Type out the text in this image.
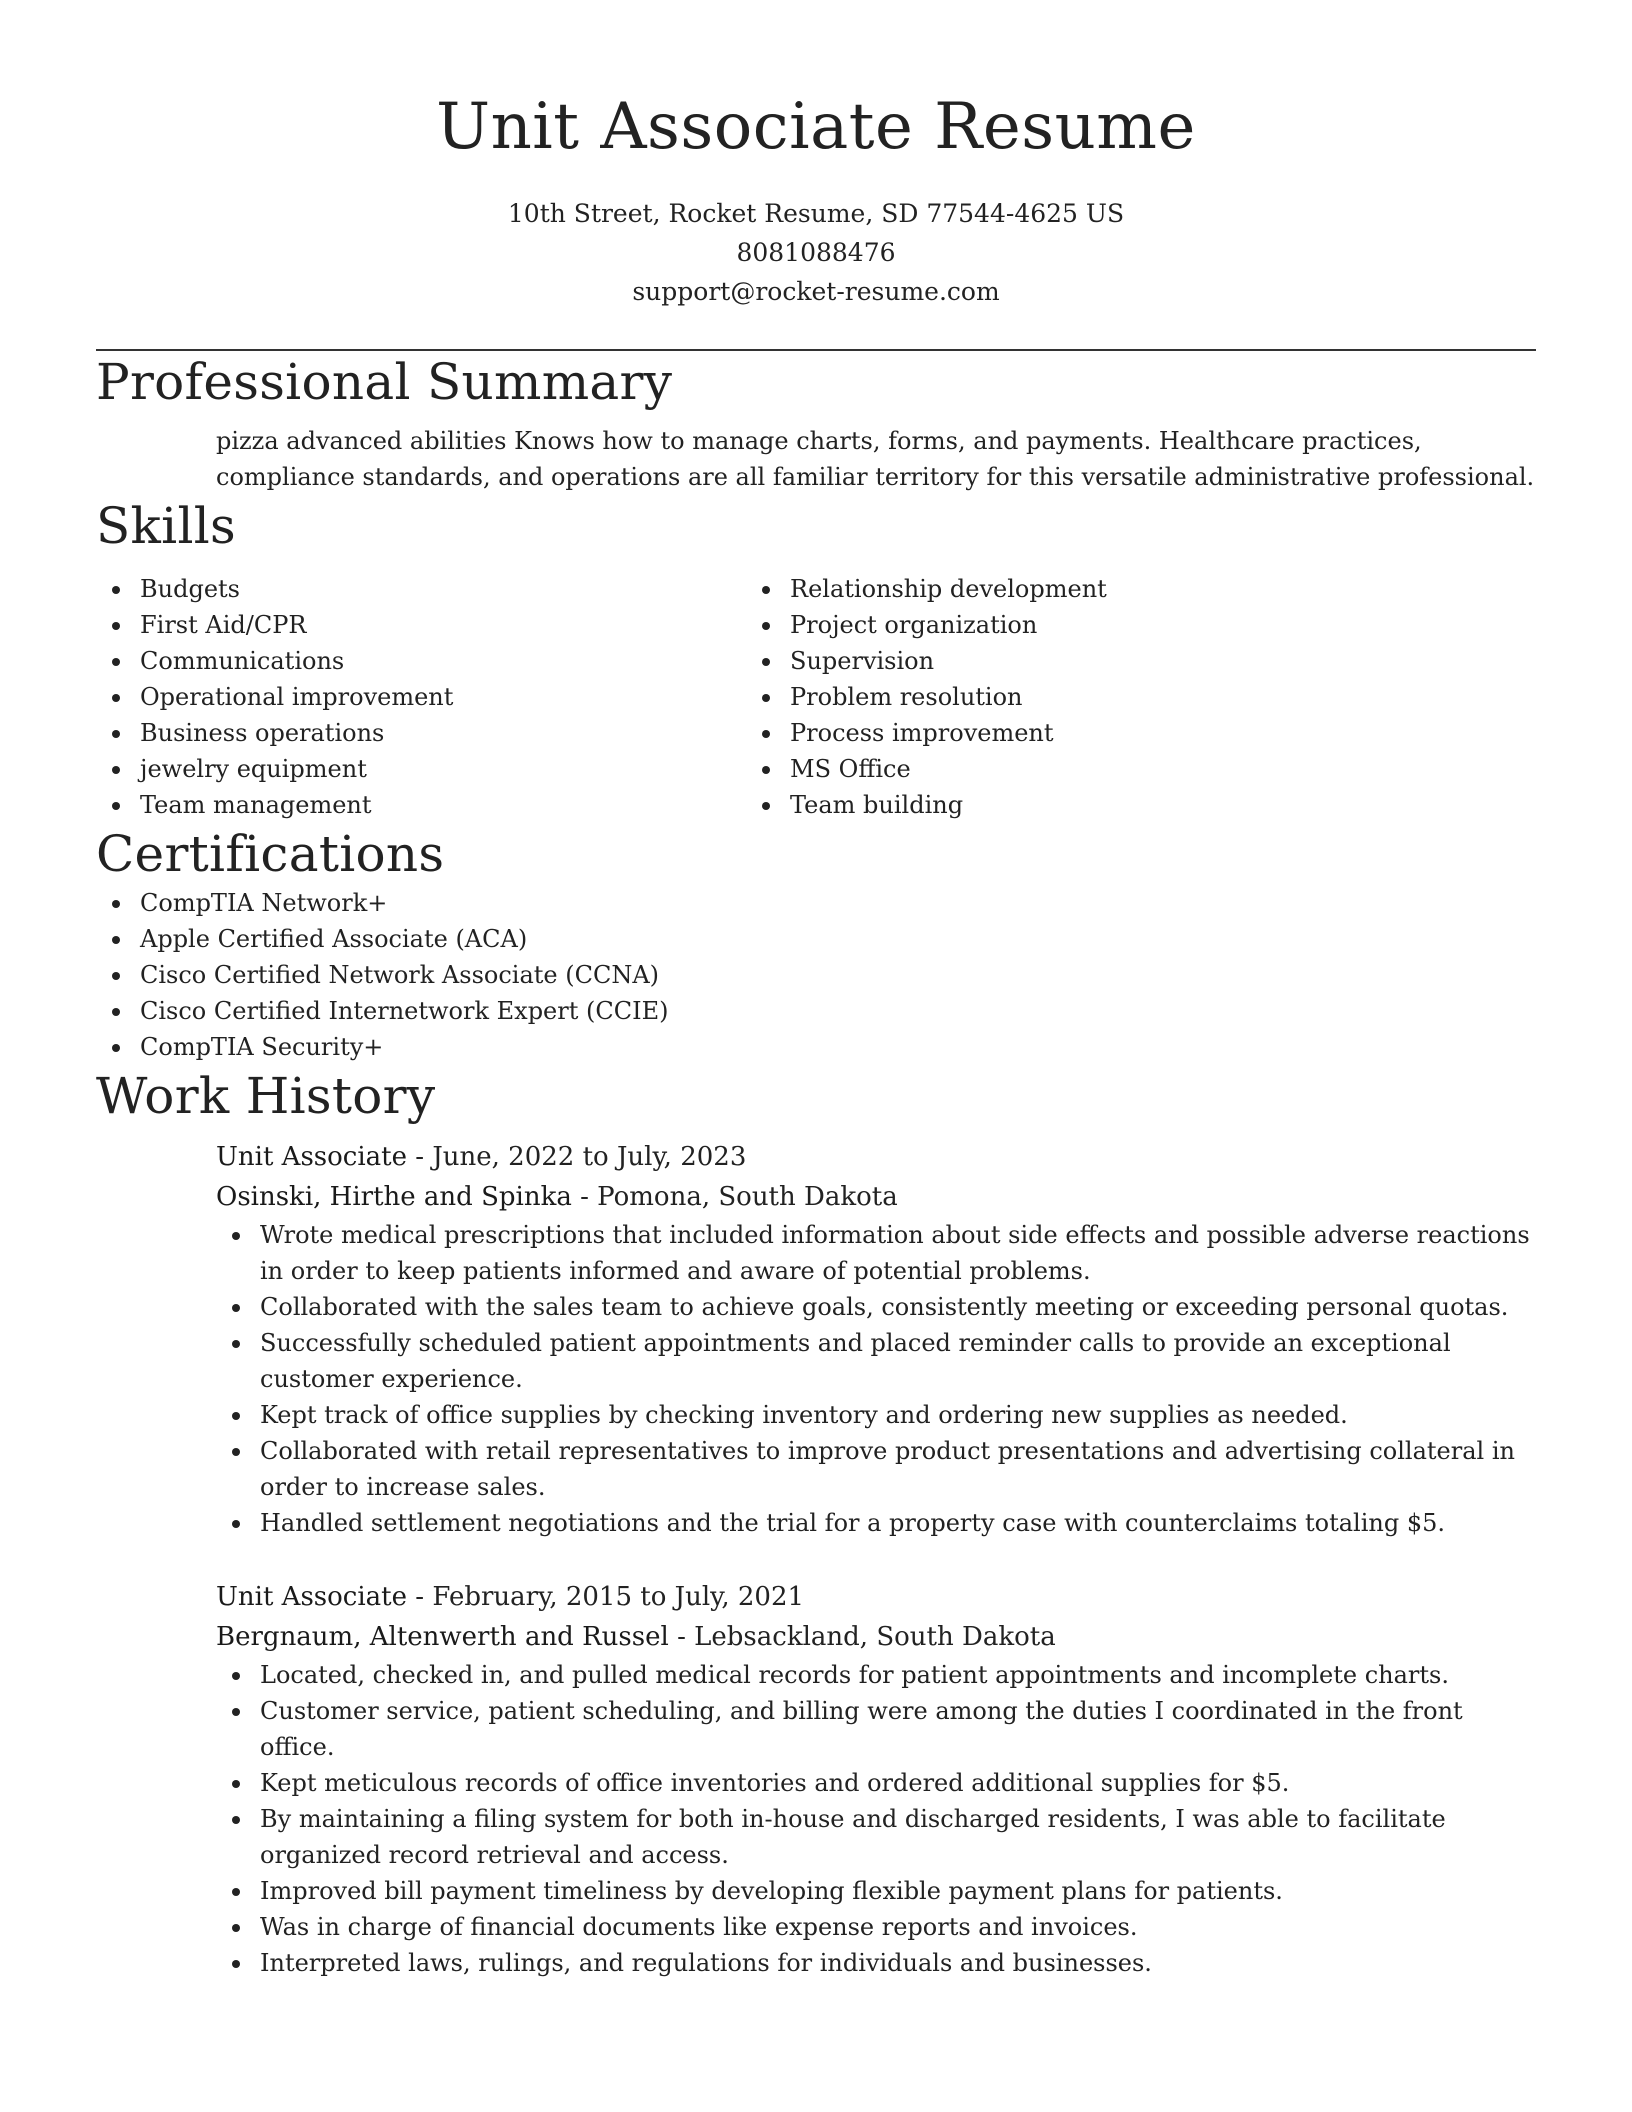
Unit Associate Resume
10th Street, Rocket Resume, SD 77544-4625 US
8081088476
support@rocket-resume.com
Professional Summary

pizza advanced abilities Knows how to manage charts, forms, and payments. Healthcare practices, compliance standards, and operations are all familiar territory for this versatile administrative professional.

Skills
Budgets
First Aid/CPR
Communications
Operational improvement
Business operations
jewelry equipment
Team management
Relationship development
Project organization
Supervision
Problem resolution
Process improvement
MS Office
Team building
Certifications
CompTIA Network+
Apple Certified Associate (ACA)
Cisco Certified Network Associate (CCNA)
Cisco Certified Internetwork Expert (CCIE)
CompTIA Security+
Work History
Unit Associate - June, 2022 to July, 2023
Osinski, Hirthe and Spinka - Pomona, South Dakota
Wrote medical prescriptions that included information about side effects and possible adverse reactions in order to keep patients informed and aware of potential problems.
Collaborated with the sales team to achieve goals, consistently meeting or exceeding personal quotas.
Successfully scheduled patient appointments and placed reminder calls to provide an exceptional customer experience.
Kept track of office supplies by checking inventory and ordering new supplies as needed.
Collaborated with retail representatives to improve product presentations and advertising collateral in order to increase sales.
Handled settlement negotiations and the trial for a property case with counterclaims totaling $5.
Unit Associate - February, 2015 to July, 2021
Bergnaum, Altenwerth and Russel - Lebsackland, South Dakota
Located, checked in, and pulled medical records for patient appointments and incomplete charts.
Customer service, patient scheduling, and billing were among the duties I coordinated in the front office.
Kept meticulous records of office inventories and ordered additional supplies for $5.
By maintaining a filing system for both in-house and discharged residents, I was able to facilitate organized record retrieval and access.
Improved bill payment timeliness by developing flexible payment plans for patients.
Was in charge of financial documents like expense reports and invoices.
Interpreted laws, rulings, and regulations for individuals and businesses.
